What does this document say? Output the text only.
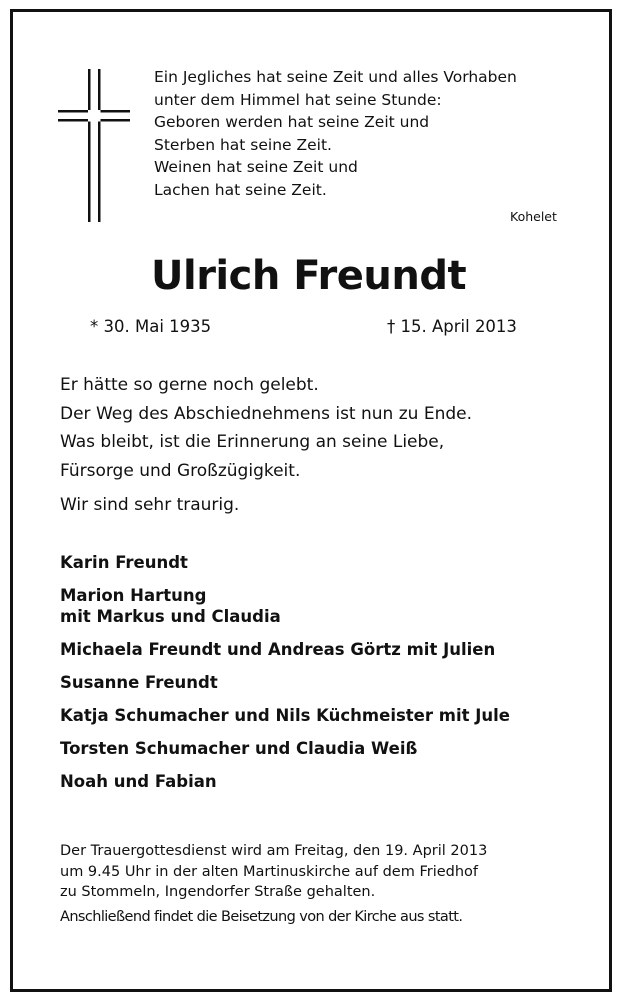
Ein Jegliches hat seine Zeit und alles Vorhaben
unter dem Himmel hat seine Stunde:
Geboren werden hat seine Zeit und
Sterben hat seine Zeit.
Weinen hat seine Zeit und
Lachen hat seine Zeit.
Kohelet
Ulrich Freundt
* 30. Mai 1935	† 15. April 2013
Er hätte so gerne noch gelebt.
Der Weg des Abschiednehmens ist nun zu Ende.
Was bleibt, ist die Erinnerung an seine Liebe,
Fürsorge und Großzügigkeit.
Wir sind sehr traurig.
Karin Freundt
Marion Hartung
mit Markus und Claudia
Michaela Freundt und Andreas Görtz mit Julien
Susanne Freundt
Katja Schumacher und Nils Küchmeister mit Jule
Torsten Schumacher und Claudia Weiß
Noah und Fabian
Der Trauergottesdienst wird am Freitag, den 19. April 2013
um 9.45 Uhr in der alten Martinuskirche auf dem Friedhof
zu Stommeln, Ingendorfer Straße gehalten.
Anschließend findet die Beisetzung von der Kirche aus statt.
